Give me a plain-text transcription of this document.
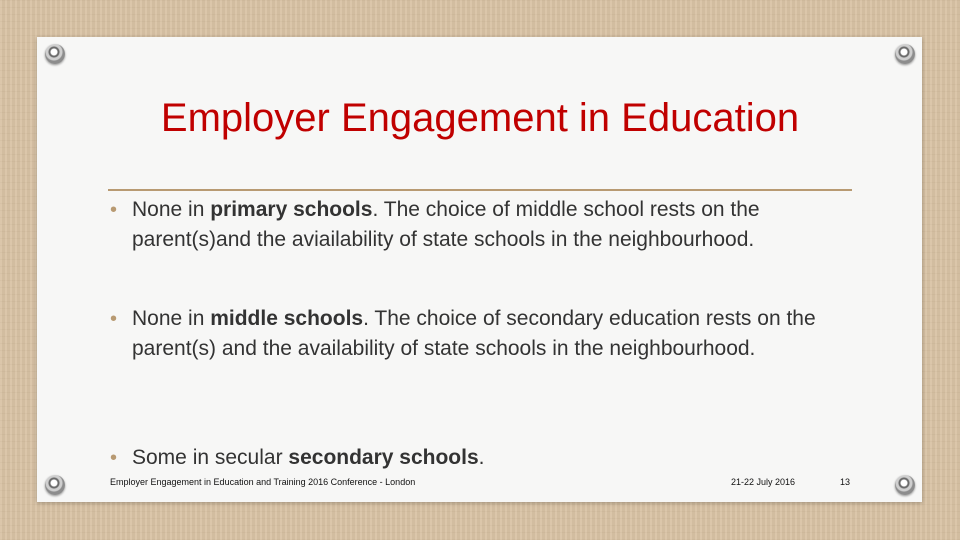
Employer Engagement in Education
• None in primary schools. The choice of middle school rests on the parent(s)and the aviailability of state schools in the neighbourhood.
• None in middle schools. The choice of secondary education rests on the parent(s) and the availability of state schools in the neighbourhood.
• Some in secular secondary schools.
Employer Engagement in Education and Training 2016 Conference - London	21-22 July 2016	13
